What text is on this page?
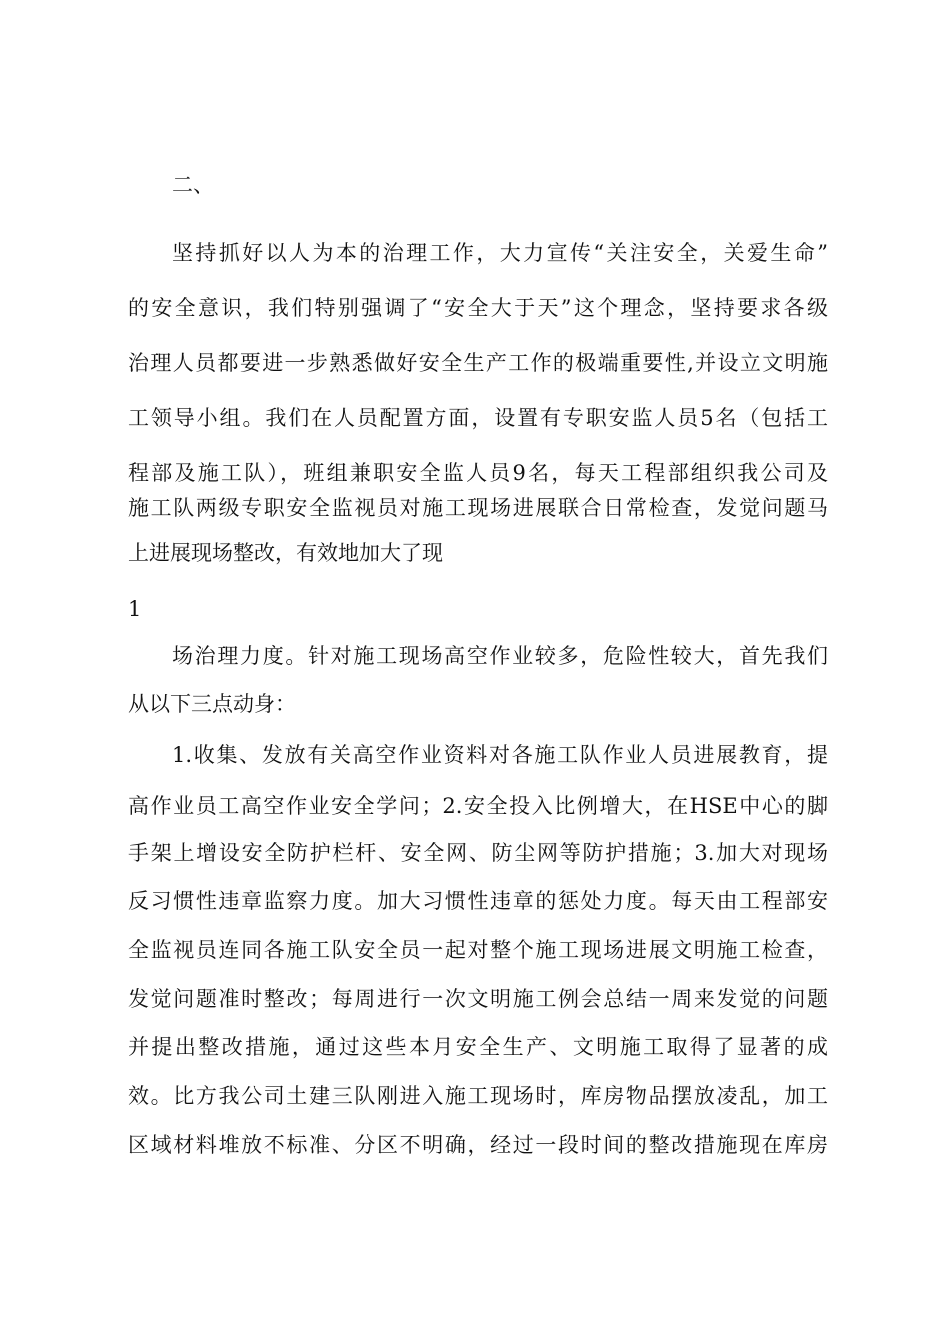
二、
坚持抓好以人为本的治理工作，大力宣传“关注安全，关爱生命”
的安全意识，我们特别强调了“安全大于天”这个理念，坚持要求各级
治理人员都要进一步熟悉做好安全生产工作的极端重要性,并设立文明施
工领导小组。我们在人员配置方面，设置有专职安监人员5名（包括工
程部及施工队），班组兼职安全监人员9名，每天工程部组织我公司及
施工队两级专职安全监视员对施工现场进展联合日常检查，发觉问题马
上进展现场整改，有效地加大了现
1
场治理力度。针对施工现场高空作业较多，危险性较大，首先我们
从以下三点动身：
1.收集、发放有关高空作业资料对各施工队作业人员进展教育，提
高作业员工高空作业安全学问；2.安全投入比例增大，在HSE中心的脚
手架上增设安全防护栏杆、安全网、防尘网等防护措施；3.加大对现场
反习惯性违章监察力度。加大习惯性违章的惩处力度。每天由工程部安
全监视员连同各施工队安全员一起对整个施工现场进展文明施工检查，
发觉问题准时整改；每周进行一次文明施工例会总结一周来发觉的问题
并提出整改措施，通过这些本月安全生产、文明施工取得了显著的成
效。比方我公司土建三队刚进入施工现场时，库房物品摆放凌乱，加工
区域材料堆放不标准、分区不明确，经过一段时间的整改措施现在库房
